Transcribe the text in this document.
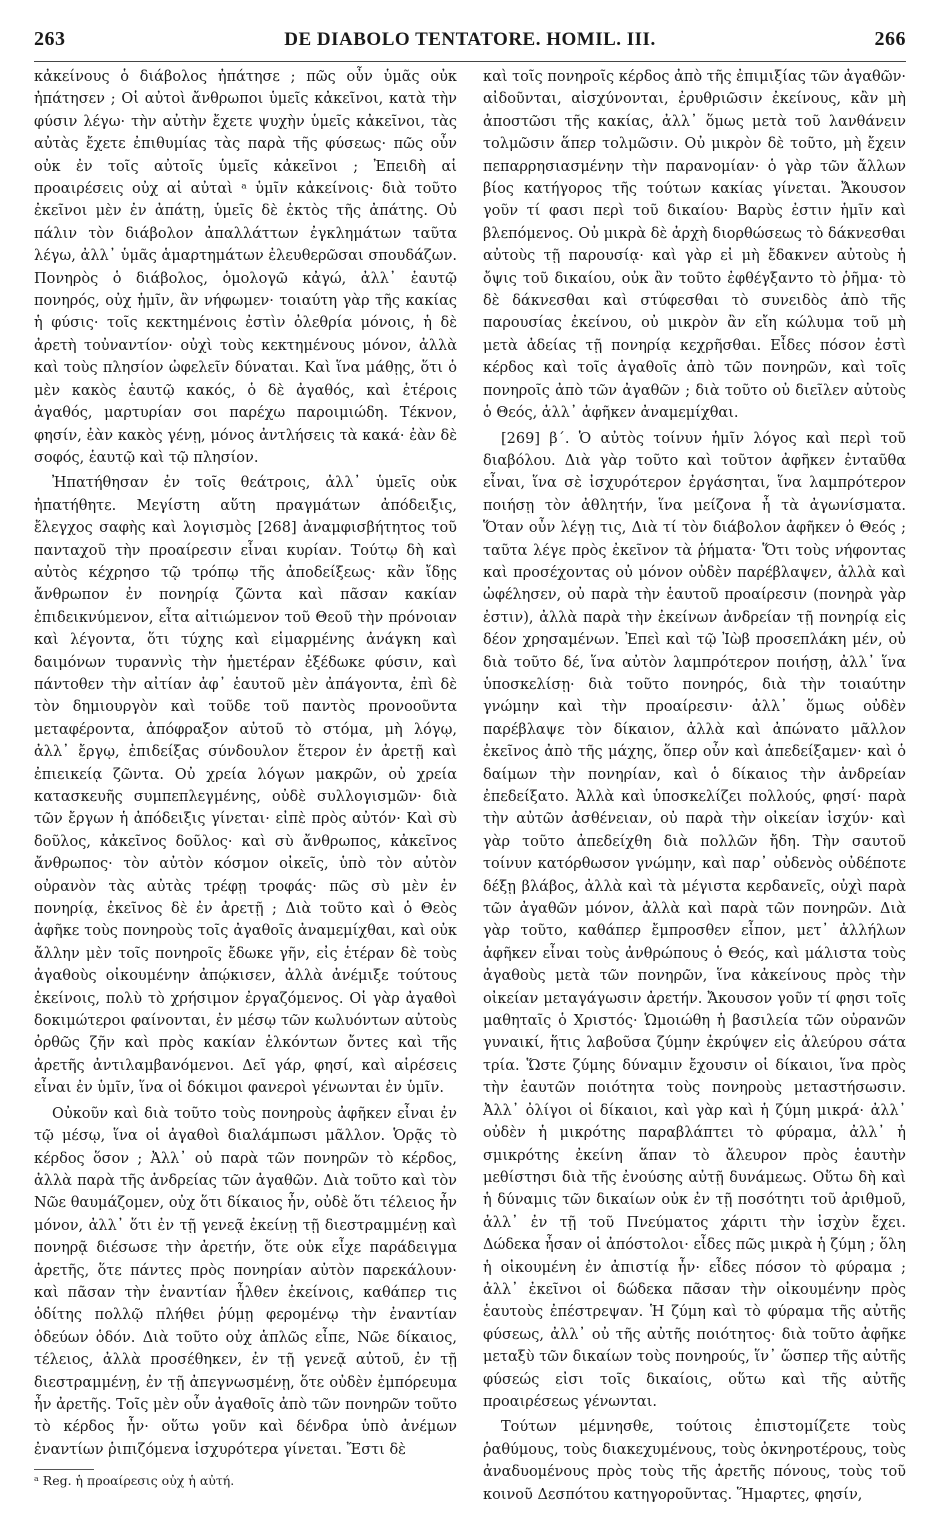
263	DE DIABOLO TENTATORE. HOMIL. III.	266

κἀκείνους ὁ διάβολος ἠπάτησε ; πῶς οὖν ὑμᾶς οὐκ ἠπάτησεν ; Οἱ αὐτοὶ ἄνθρωποι ὑμεῖς κἀκεῖνοι, κατὰ τὴν φύσιν λέγω· τὴν αὐτὴν ἔχετε ψυχὴν ὑμεῖς κἀκεῖνοι, τὰς αὐτὰς ἔχετε ἐπιθυμίας τὰς παρὰ τῆς φύσεως· πῶς οὖν οὐκ ἐν τοῖς αὐτοῖς ὑμεῖς κἀκεῖνοι ; Ἐπειδὴ αἱ προαιρέσεις οὐχ αἱ αὐταὶ ᵃ ὑμῖν κἀκείνοις· διὰ τοῦτο ἐκεῖνοι μὲν ἐν ἀπάτῃ, ὑμεῖς δὲ ἐκτὸς τῆς ἀπάτης. Οὐ πάλιν τὸν διάβολον ἀπαλλάττων ἐγκλημάτων ταῦτα λέγω, ἀλλ᾽ ὑμᾶς ἁμαρτημάτων ἐλευθερῶσαι σπουδάζων. Πονηρὸς ὁ διάβολος, ὁμολογῶ κἀγώ, ἀλλ᾽ ἑαυτῷ πονηρός, οὐχ ἡμῖν, ἂν νήφωμεν· τοιαύτη γὰρ τῆς κακίας ἡ φύσις· τοῖς κεκτημένοις ἐστὶν ὀλεθρία μόνοις, ἡ δὲ ἀρετὴ τοὐναντίον· οὐχὶ τοὺς κεκτημένους μόνον, ἀλλὰ καὶ τοὺς πλησίον ὠφελεῖν δύναται. Καὶ ἵνα μάθῃς, ὅτι ὁ μὲν κακὸς ἑαυτῷ κακός, ὁ δὲ ἀγαθός, καὶ ἑτέροις ἀγαθός, μαρτυρίαν σοι παρέχω παροιμιώδη. Τέκνον, φησίν, ἐὰν κακὸς γένῃ, μόνος ἀντλήσεις τὰ κακά· ἐὰν δὲ σοφός, ἑαυτῷ καὶ τῷ πλησίον.

Ἠπατήθησαν ἐν τοῖς θεάτροις, ἀλλ᾽ ὑμεῖς οὐκ ἠπατήθητε. Μεγίστη αὕτη πραγμάτων ἀπόδειξις, ἔλεγχος σαφὴς καὶ λογισμὸς [268] ἀναμφισβήτητος τοῦ πανταχοῦ τὴν προαίρεσιν εἶναι κυρίαν. Τούτῳ δὴ καὶ αὐτὸς κέχρησο τῷ τρόπῳ τῆς ἀποδείξεως· κἂν ἴδῃς ἄνθρωπον ἐν πονηρίᾳ ζῶντα καὶ πᾶσαν κακίαν ἐπιδεικνύμενον, εἶτα αἰτιώμενον τοῦ Θεοῦ τὴν πρόνοιαν καὶ λέγοντα, ὅτι τύχης καὶ εἱμαρμένης ἀνάγκη καὶ δαιμόνων τυραννὶς τὴν ἡμετέραν ἐξέδωκε φύσιν, καὶ πάντοθεν τὴν αἰτίαν ἀφ᾽ ἑαυτοῦ μὲν ἀπάγοντα, ἐπὶ δὲ τὸν δημιουργὸν καὶ τοῦδε τοῦ παντὸς προνοοῦντα μεταφέροντα, ἀπόφραξον αὐτοῦ τὸ στόμα, μὴ λόγῳ, ἀλλ᾽ ἔργῳ, ἐπιδείξας σύνδουλον ἕτερον ἐν ἀρετῇ καὶ ἐπιεικείᾳ ζῶντα. Οὐ χρεία λόγων μακρῶν, οὐ χρεία κατασκευῆς συμπεπλεγμένης, οὐδὲ συλλογισμῶν· διὰ τῶν ἔργων ἡ ἀπόδειξις γίνεται· εἰπὲ πρὸς αὐτόν· Καὶ σὺ δοῦλος, κἀκεῖνος δοῦλος· καὶ σὺ ἄνθρωπος, κἀκεῖνος ἄνθρωπος· τὸν αὐτὸν κόσμον οἰκεῖς, ὑπὸ τὸν αὐτὸν οὐρανὸν τὰς αὐτὰς τρέφῃ τροφάς· πῶς σὺ μὲν ἐν πονηρίᾳ, ἐκεῖνος δὲ ἐν ἀρετῇ ; Διὰ τοῦτο καὶ ὁ Θεὸς ἀφῆκε τοὺς πονηροὺς τοῖς ἀγαθοῖς ἀναμεμίχθαι, καὶ οὐκ ἄλλην μὲν τοῖς πονηροῖς ἔδωκε γῆν, εἰς ἑτέραν δὲ τοὺς ἀγαθοὺς οἰκουμένην ἀπῴκισεν, ἀλλὰ ἀνέμιξε τούτους ἐκείνοις, πολὺ τὸ χρήσιμον ἐργαζόμενος. Οἱ γὰρ ἀγαθοὶ δοκιμώτεροι φαίνονται, ἐν μέσῳ τῶν κωλυόντων αὐτοὺς ὀρθῶς ζῆν καὶ πρὸς κακίαν ἑλκόντων ὄντες καὶ τῆς ἀρετῆς ἀντιλαμβανόμενοι. Δεῖ γάρ, φησί, καὶ αἱρέσεις εἶναι ἐν ὑμῖν, ἵνα οἱ δόκιμοι φανεροὶ γένωνται ἐν ὑμῖν.

Οὐκοῦν καὶ διὰ τοῦτο τοὺς πονηροὺς ἀφῆκεν εἶναι ἐν τῷ μέσῳ, ἵνα οἱ ἀγαθοὶ διαλάμπωσι μᾶλλον. Ὁρᾷς τὸ κέρδος ὅσον ; Ἀλλ᾽ οὐ παρὰ τῶν πονηρῶν τὸ κέρδος, ἀλλὰ παρὰ τῆς ἀνδρείας τῶν ἀγαθῶν. Διὰ τοῦτο καὶ τὸν Νῶε θαυμάζομεν, οὐχ ὅτι δίκαιος ἦν, οὐδὲ ὅτι τέλειος ἦν μόνον, ἀλλ᾽ ὅτι ἐν τῇ γενεᾷ ἐκείνῃ τῇ διεστραμμένῃ καὶ πονηρᾷ διέσωσε τὴν ἀρετήν, ὅτε οὐκ εἶχε παράδειγμα ἀρετῆς, ὅτε πάντες πρὸς πονηρίαν αὐτὸν παρεκάλουν· καὶ πᾶσαν τὴν ἐναντίαν ἦλθεν ἐκείνοις, καθάπερ τις ὁδίτης πολλῷ πλήθει ῥύμῃ φερομένῳ τὴν ἐναντίαν ὁδεύων ὁδόν. Διὰ τοῦτο οὐχ ἁπλῶς εἶπε, Νῶε δίκαιος, τέλειος, ἀλλὰ προσέθηκεν, ἐν τῇ γενεᾷ αὐτοῦ, ἐν τῇ διεστραμμένῃ, ἐν τῇ ἀπεγνωσμένῃ, ὅτε οὐδὲν ἐμπόρευμα ἦν ἀρετῆς. Τοῖς μὲν οὖν ἀγαθοῖς ἀπὸ τῶν πονηρῶν τοῦτο τὸ κέρδος ἦν· οὕτω γοῦν καὶ δένδρα ὑπὸ ἀνέμων ἐναντίων ῥιπιζόμενα ἰσχυρότερα γίνεται. Ἔστι δὲ

ᵃ Reg. ἡ προαίρεσις οὐχ ἡ αὐτή.

καὶ τοῖς πονηροῖς κέρδος ἀπὸ τῆς ἐπιμιξίας τῶν ἀγαθῶν· αἰδοῦνται, αἰσχύνονται, ἐρυθριῶσιν ἐκείνους, κἂν μὴ ἀποστῶσι τῆς κακίας, ἀλλ᾽ ὅμως μετὰ τοῦ λανθάνειν τολμῶσιν ἅπερ τολμῶσιν. Οὐ μικρὸν δὲ τοῦτο, μὴ ἔχειν πεπαρρησιασμένην τὴν παρανομίαν· ὁ γὰρ τῶν ἄλλων βίος κατήγορος τῆς τούτων κακίας γίνεται. Ἄκουσον γοῦν τί φασι περὶ τοῦ δικαίου· Βαρὺς ἐστιν ἡμῖν καὶ βλεπόμενος. Οὐ μικρὰ δὲ ἀρχὴ διορθώσεως τὸ δάκνεσθαι αὐτοὺς τῇ παρουσίᾳ· καὶ γὰρ εἰ μὴ ἔδακνεν αὐτοὺς ἡ ὄψις τοῦ δικαίου, οὐκ ἂν τοῦτο ἐφθέγξαντο τὸ ῥῆμα· τὸ δὲ δάκνεσθαι καὶ στύφεσθαι τὸ συνειδὸς ἀπὸ τῆς παρουσίας ἐκείνου, οὐ μικρὸν ἂν εἴη κώλυμα τοῦ μὴ μετὰ ἀδείας τῇ πονηρίᾳ κεχρῆσθαι. Εἶδες πόσον ἐστὶ κέρδος καὶ τοῖς ἀγαθοῖς ἀπὸ τῶν πονηρῶν, καὶ τοῖς πονηροῖς ἀπὸ τῶν ἀγαθῶν ; διὰ τοῦτο οὐ διεῖλεν αὐτοὺς ὁ Θεός, ἀλλ᾽ ἀφῆκεν ἀναμεμίχθαι.

[269] β΄. Ὁ αὐτὸς τοίνυν ἡμῖν λόγος καὶ περὶ τοῦ διαβόλου. Διὰ γὰρ τοῦτο καὶ τοῦτον ἀφῆκεν ἐνταῦθα εἶναι, ἵνα σὲ ἰσχυρότερον ἐργάσηται, ἵνα λαμπρότερον ποιήσῃ τὸν ἀθλητήν, ἵνα μείζονα ἦ τὰ ἀγωνίσματα. Ὅταν οὖν λέγῃ τις, Διὰ τί τὸν διάβολον ἀφῆκεν ὁ Θεός ; ταῦτα λέγε πρὸς ἐκεῖνον τὰ ῥήματα· Ὅτι τοὺς νήφοντας καὶ προσέχοντας οὐ μόνον οὐδὲν παρέβλαψεν, ἀλλὰ καὶ ὠφέλησεν, οὐ παρὰ τὴν ἑαυτοῦ προαίρεσιν (πονηρὰ γὰρ ἐστιν), ἀλλὰ παρὰ τὴν ἐκείνων ἀνδρείαν τῇ πονηρίᾳ εἰς δέον χρησαμένων. Ἐπεὶ καὶ τῷ Ἰὼβ προσεπλάκη μέν, οὐ διὰ τοῦτο δέ, ἵνα αὐτὸν λαμπρότερον ποιήσῃ, ἀλλ᾽ ἵνα ὑποσκελίσῃ· διὰ τοῦτο πονηρός, διὰ τὴν τοιαύτην γνώμην καὶ τὴν προαίρεσιν· ἀλλ᾽ ὅμως οὐδὲν παρέβλαψε τὸν δίκαιον, ἀλλὰ καὶ ἀπώνατο μᾶλλον ἐκεῖνος ἀπὸ τῆς μάχης, ὅπερ οὖν καὶ ἀπεδείξαμεν· καὶ ὁ δαίμων τὴν πονηρίαν, καὶ ὁ δίκαιος τὴν ἀνδρείαν ἐπεδείξατο. Ἀλλὰ καὶ ὑποσκελίζει πολλούς, φησί· παρὰ τὴν αὐτῶν ἀσθένειαν, οὐ παρὰ τὴν οἰκείαν ἰσχύν· καὶ γὰρ τοῦτο ἀπεδείχθη διὰ πολλῶν ἤδη. Τὴν σαυτοῦ τοίνυν κατόρθωσον γνώμην, καὶ παρ᾽ οὐδενὸς οὐδέποτε δέξῃ βλάβος, ἀλλὰ καὶ τὰ μέγιστα κερδανεῖς, οὐχὶ παρὰ τῶν ἀγαθῶν μόνον, ἀλλὰ καὶ παρὰ τῶν πονηρῶν. Διὰ γὰρ τοῦτο, καθάπερ ἔμπροσθεν εἶπον, μετ᾽ ἀλλήλων ἀφῆκεν εἶναι τοὺς ἀνθρώπους ὁ Θεός, καὶ μάλιστα τοὺς ἀγαθοὺς μετὰ τῶν πονηρῶν, ἵνα κἀκείνους πρὸς τὴν οἰκείαν μεταγάγωσιν ἀρετήν. Ἄκουσον γοῦν τί φησι τοῖς μαθηταῖς ὁ Χριστός· Ὡμοιώθη ἡ βασιλεία τῶν οὐρανῶν γυναικί, ἥτις λαβοῦσα ζύμην ἐκρύψεν εἰς ἀλεύρου σάτα τρία. Ὥστε ζύμης δύναμιν ἔχουσιν οἱ δίκαιοι, ἵνα πρὸς τὴν ἑαυτῶν ποιότητα τοὺς πονηροὺς μεταστήσωσιν. Ἀλλ᾽ ὀλίγοι οἱ δίκαιοι, καὶ γὰρ καὶ ἡ ζύμη μικρά· ἀλλ᾽ οὐδὲν ἡ μικρότης παραβλάπτει τὸ φύραμα, ἀλλ᾽ ἡ σμικρότης ἐκείνη ἅπαν τὸ ἄλευρον πρὸς ἑαυτὴν μεθίστησι διὰ τῆς ἐνούσης αὐτῇ δυνάμεως. Οὕτω δὴ καὶ ἡ δύναμις τῶν δικαίων οὐκ ἐν τῇ ποσότητι τοῦ ἀριθμοῦ, ἀλλ᾽ ἐν τῇ τοῦ Πνεύματος χάριτι τὴν ἰσχὺν ἔχει. Δώδεκα ἦσαν οἱ ἀπόστολοι· εἶδες πῶς μικρὰ ἡ ζύμη ; ὅλη ἡ οἰκουμένη ἐν ἀπιστίᾳ ἦν· εἶδες πόσον τὸ φύραμα ; ἀλλ᾽ ἐκεῖνοι οἱ δώδεκα πᾶσαν τὴν οἰκουμένην πρὸς ἑαυτοὺς ἐπέστρεψαν. Ἡ ζύμη καὶ τὸ φύραμα τῆς αὐτῆς φύσεως, ἀλλ᾽ οὐ τῆς αὐτῆς ποιότητος· διὰ τοῦτο ἀφῆκε μεταξὺ τῶν δικαίων τοὺς πονηρούς, ἵν᾽ ὥσπερ τῆς αὐτῆς φύσεώς εἰσι τοῖς δικαίοις, οὕτω καὶ τῆς αὐτῆς προαιρέσεως γένωνται.

Τούτων μέμνησθε, τούτοις ἐπιστομίζετε τοὺς ῥαθύμους, τοὺς διακεχυμένους, τοὺς ὀκνηροτέρους, τοὺς ἀναδυομένους πρὸς τοὺς τῆς ἀρετῆς πόνους, τοὺς τοῦ κοινοῦ Δεσπότου κατηγοροῦντας. Ἥμαρτες, φησίν,
